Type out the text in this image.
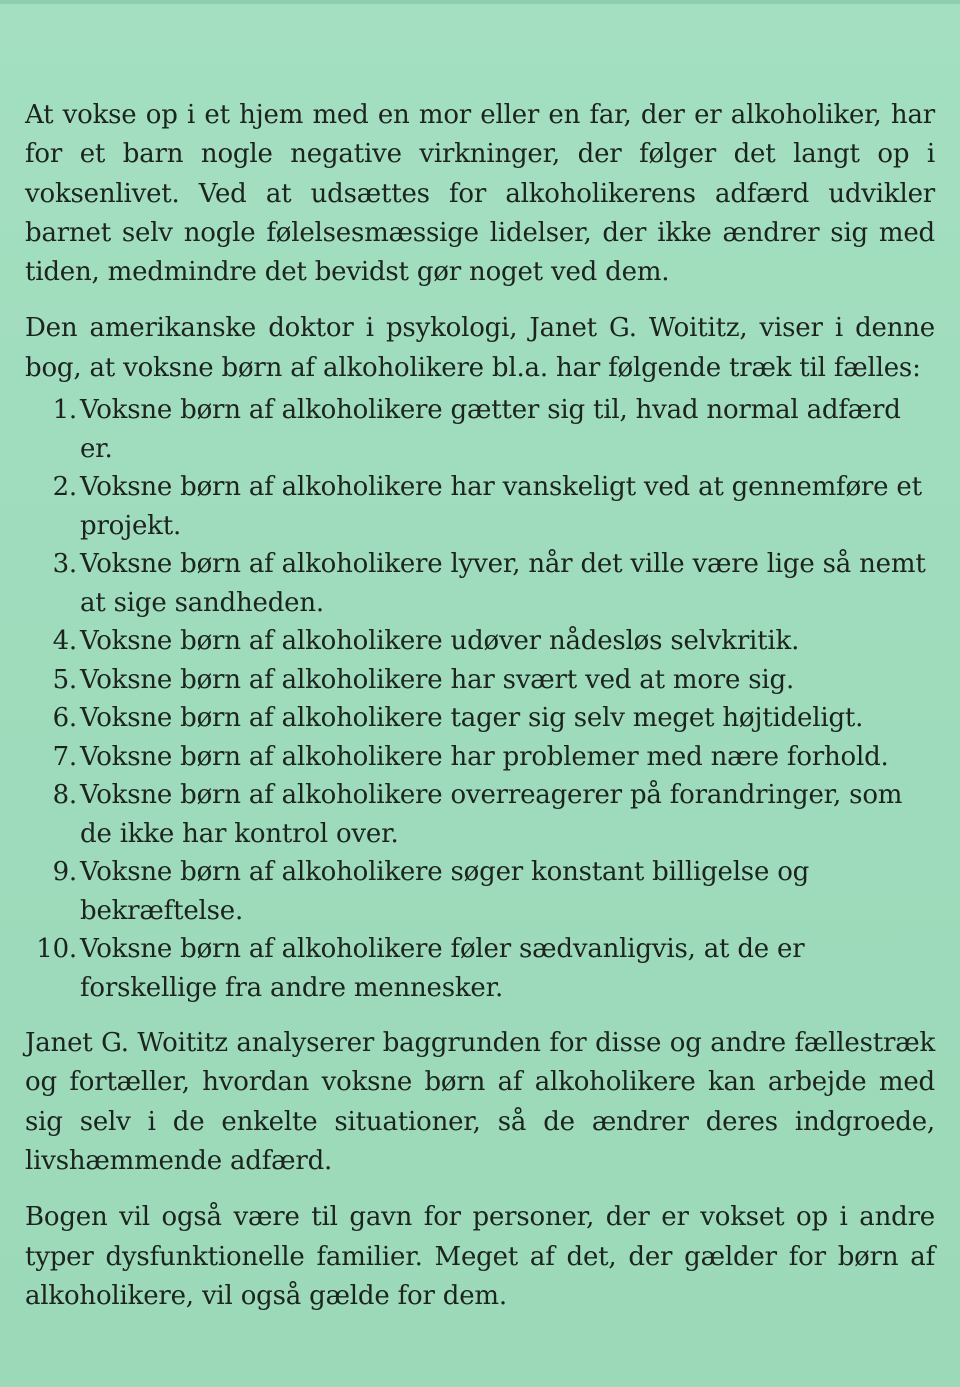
At vokse op i et hjem med en mor eller en far, der er alkoholiker, har for et barn nogle negative virkninger, der følger det langt op i voksenlivet. Ved at udsættes for alkoholikerens adfærd udvikler barnet selv nogle følelsesmæssige lidelser, der ikke ændrer sig med tiden, medmindre det bevidst gør noget ved dem.

Den amerikanske doktor i psykologi, Janet G. Woititz, viser i denne bog, at voksne børn af alkoholikere bl.a. har følgende træk til fælles:

1. Voksne børn af alkoholikere gætter sig til, hvad normal adfærd er.
2. Voksne børn af alkoholikere har vanskeligt ved at gennemføre et projekt.
3. Voksne børn af alkoholikere lyver, når det ville være lige så nemt at sige sandheden.
4. Voksne børn af alkoholikere udøver nådesløs selvkritik.
5. Voksne børn af alkoholikere har svært ved at more sig.
6. Voksne børn af alkoholikere tager sig selv meget højtideligt.
7. Voksne børn af alkoholikere har problemer med nære forhold.
8. Voksne børn af alkoholikere overreagerer på forandringer, som de ikke har kontrol over.
9. Voksne børn af alkoholikere søger konstant billigelse og bekræftelse.
10. Voksne børn af alkoholikere føler sædvanligvis, at de er forskellige fra andre mennesker.

Janet G. Woititz analyserer baggrunden for disse og andre fællestræk og fortæller, hvordan voksne børn af alkoholikere kan arbejde med sig selv i de enkelte situationer, så de ændrer deres indgroede, livshæmmende adfærd.

Bogen vil også være til gavn for personer, der er vokset op i andre typer dysfunktionelle familier. Meget af det, der gælder for børn af alkoholikere, vil også gælde for dem.
